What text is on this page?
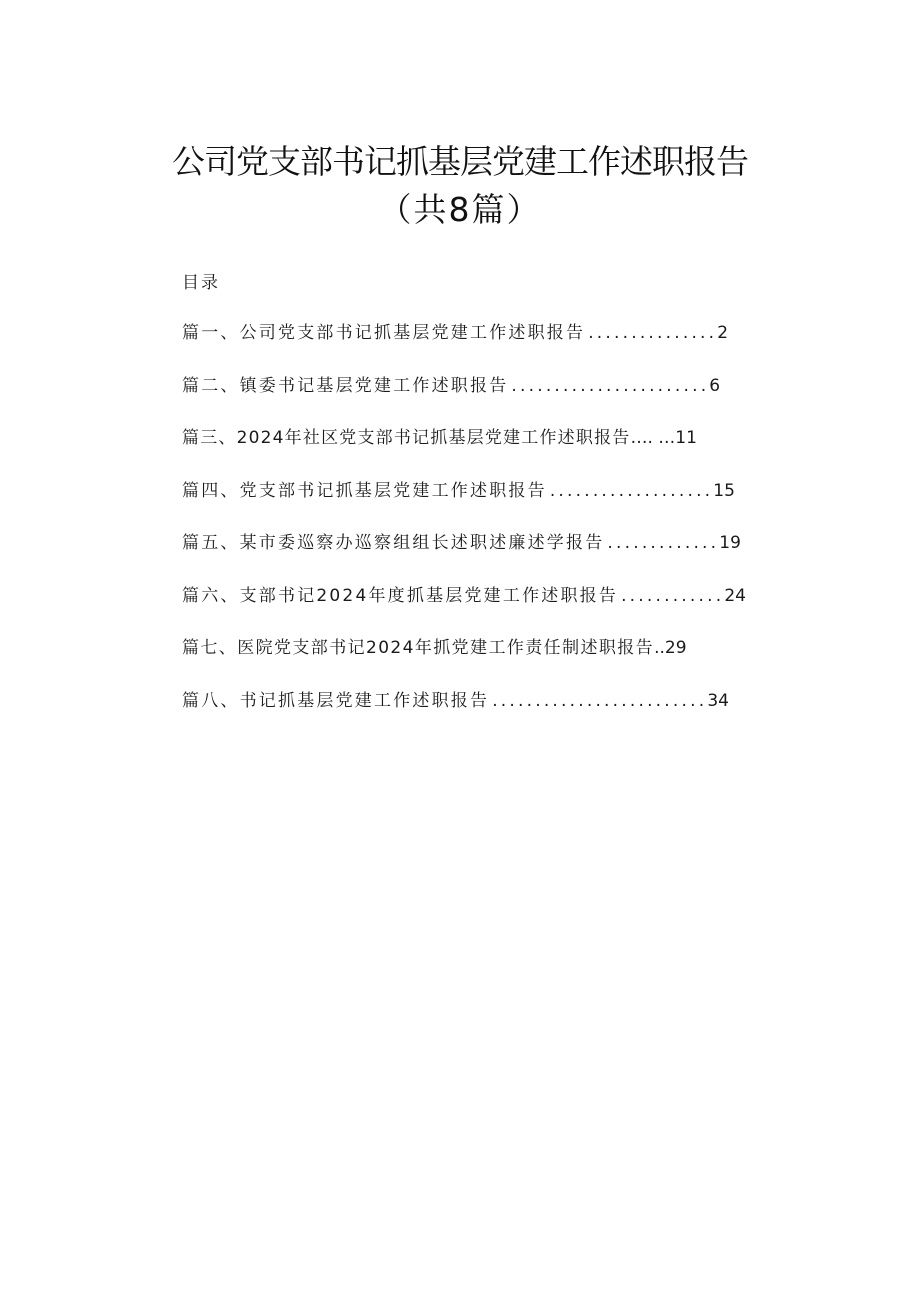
公司党支部书记抓基层党建工作述职报告
（共8篇）
目录
篇一、公司党支部书记抓基层党建工作述职报告 ............... 2
篇二、镇委书记基层党建工作述职报告 ....................... 6
篇三、2024年社区党支部书记抓基层党建工作述职报告 …. … 11
篇四、党支部书记抓基层党建工作述职报告 ................... 15
篇五、某市委巡察办巡察组组长述职述廉述学报告 ............. 19
篇六、支部书记2024年度抓基层党建工作述职报告 ............ 24
篇七、医院党支部书记2024年抓党建工作责任制述职报告 .. 29
篇八、书记抓基层党建工作述职报告 ......................... 34
